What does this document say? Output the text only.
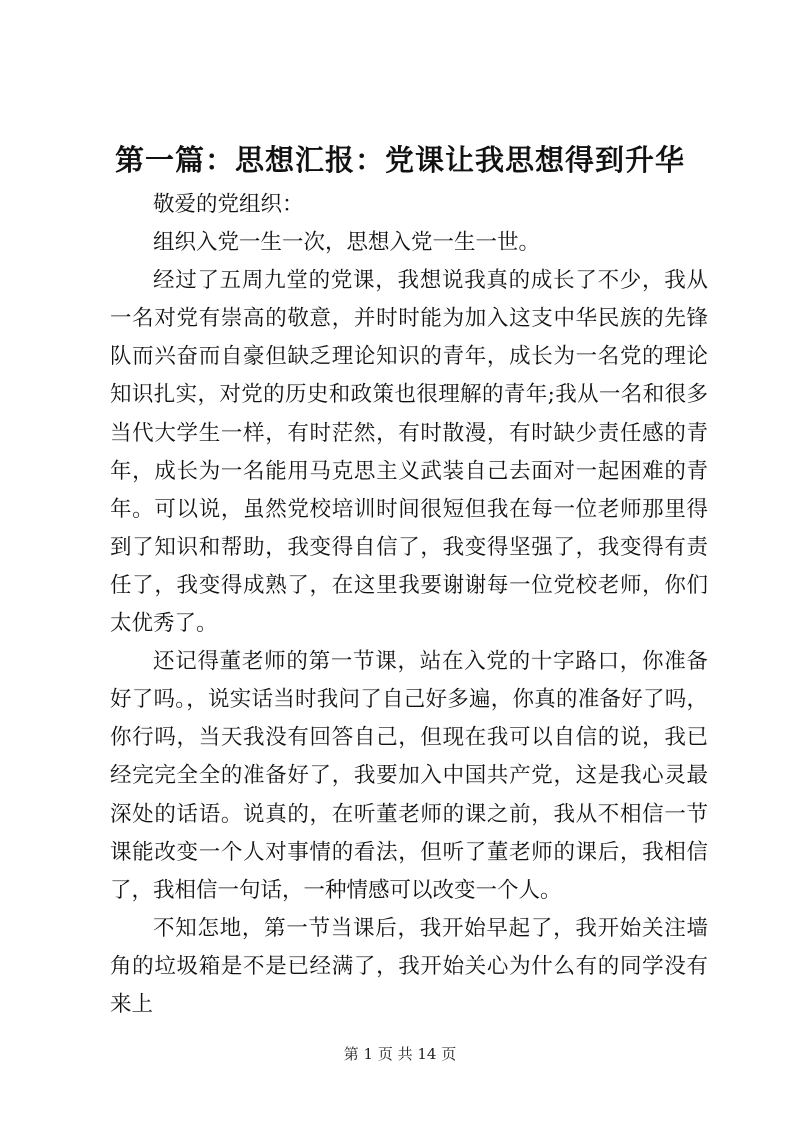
第一篇：思想汇报：党课让我思想得到升华

敬爱的党组织：

组织入党一生一次，思想入党一生一世。

经过了五周九堂的党课，我想说我真的成长了不少，我从一名对党有崇高的敬意，并时时能为加入这支中华民族的先锋队而兴奋而自豪但缺乏理论知识的青年，成长为一名党的理论知识扎实，对党的历史和政策也很理解的青年;我从一名和很多当代大学生一样，有时茫然，有时散漫，有时缺少责任感的青年，成长为一名能用马克思主义武装自己去面对一起困难的青年。可以说，虽然党校培训时间很短但我在每一位老师那里得到了知识和帮助，我变得自信了，我变得坚强了，我变得有责任了，我变得成熟了，在这里我要谢谢每一位党校老师，你们太优秀了。

还记得董老师的第一节课，站在入党的十字路口，你准备好了吗。，说实话当时我问了自己好多遍，你真的准备好了吗，你行吗，当天我没有回答自己，但现在我可以自信的说，我已经完完全全的准备好了，我要加入中国共产党，这是我心灵最深处的话语。说真的，在听董老师的课之前，我从不相信一节课能改变一个人对事情的看法，但听了董老师的课后，我相信了，我相信一句话，一种情感可以改变一个人。

不知怎地，第一节当课后，我开始早起了，我开始关注墙角的垃圾箱是不是已经满了，我开始关心为什么有的同学没有来上

第 1 页 共 14 页
